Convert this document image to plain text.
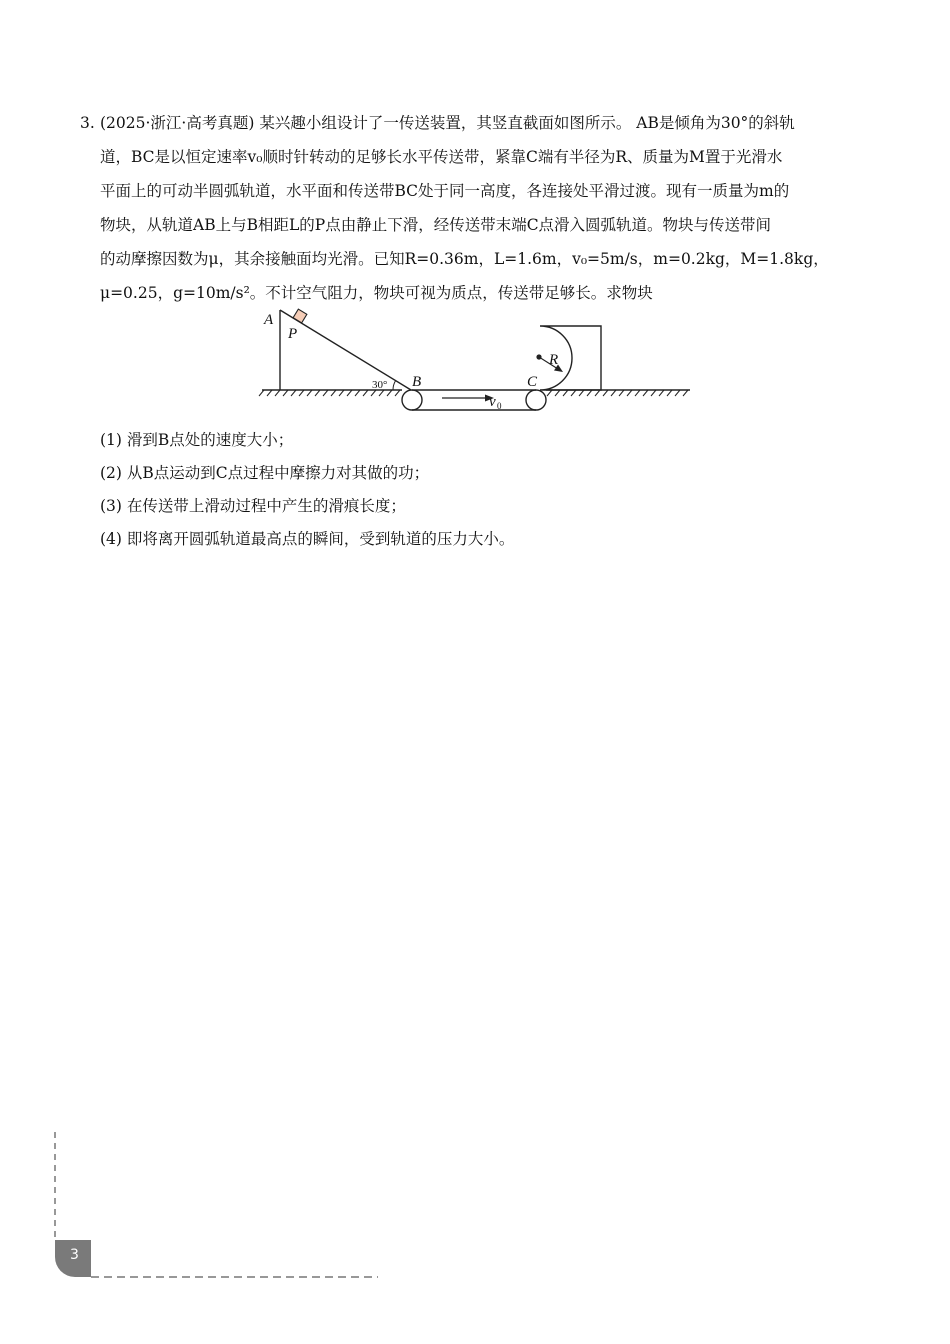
3. (2025·浙江·高考真题) 某兴趣小组设计了一传送装置，其竖直截面如图所示。 AB是倾角为30°的斜轨
道，BC是以恒定速率v₀顺时针转动的足够长水平传送带，紧靠C端有半径为R、质量为M置于光滑水
平面上的可动半圆弧轨道，水平面和传送带BC处于同一高度，各连接处平滑过渡。现有一质量为m的
物块，从轨道AB上与B相距L的P点由静止下滑，经传送带末端C点滑入圆弧轨道。物块与传送带间
的动摩擦因数为μ，其余接触面均光滑。已知R=0.36m，L=1.6m，v₀=5m/s，m=0.2kg，M=1.8kg，
μ=0.25，g=10m/s²。不计空气阻力，物块可视为质点，传送带足够长。求物块
A
P
B	C
R
v 0
30°
(1) 滑到B点处的速度大小；
(2) 从B点运动到C点过程中摩擦力对其做的功；
(3) 在传送带上滑动过程中产生的滑痕长度；
(4) 即将离开圆弧轨道最高点的瞬间，受到轨道的压力大小。
3
